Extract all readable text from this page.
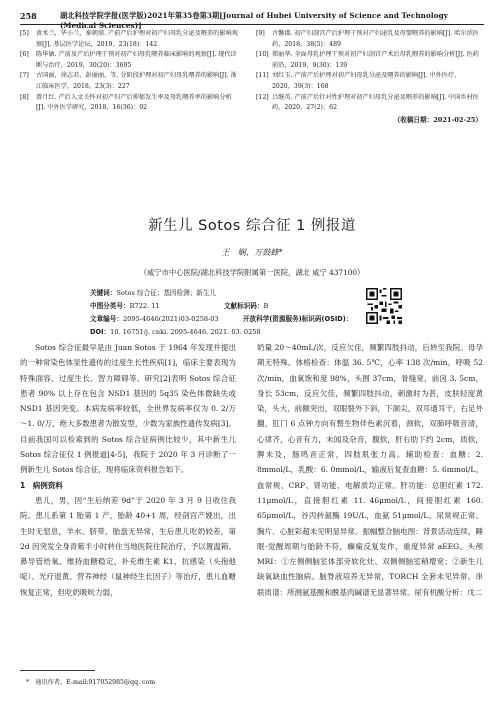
258	湖北科技学院学报(医学版)2021年第35卷第3期[Journal of Hubei University of Science and Technology (Medical Sciences)]
[5] 黄术兰，毕小兰，秦朝鼎. 产前产后护理对初产妇母乳分泌及喂养的影响观察[J]. 基层医学论坛，2019，23(18)：142
[6] 陈华敏. 产前及产后护理干预对初产妇母乳喂养临床影响的观察[J]. 现代诊断与治疗，2019，30(20)：3695
[7] 古国丽，徐志君，彭丽丽，等. 分阶段护理对初产妇母乳喂养的影响[J]. 浙江临床医学，2018，23(3)：227
[8] 曾月红. 产后人文关怀对初产妇产后抑郁发生率及母乳喂养率的影响分析[J]. 中外医学研究，2018，16(36)：92
[9] 古馨郡. 初产妇剖宫产后护理干预对产妇泌乳及母婴喂养的影响[J]. 哈尔滨医药，2018，38(5)：489
[10] 郑丽华. 全面母乳护理干预对初产妇剖宫产术后母乳喂养的影响分析[J]. 医药前沿，2019，9(30)：139
[11] 刘红玉. 产前产后护理对初产妇母乳分泌及喂养的影响[J]. 中外医疗，2020，39(3)：168
[12] 吕继英. 产前产后针对性护理对初产妇母乳分泌及喂养的影响[J]. 中国乡村医药，2020，27(2)：62
（收稿日期：2021-02-25）
新生儿 Sotos 综合征 1 例报道
王　娴，万鼓蜂*
（咸宁市中心医院/湖北科技学院附属第一医院，湖北 咸宁 437100）
关键词：Sotos 综合征；基因检测；新生儿
中图分类号：R722. 11	文献标识码：B
文章编号：2095-4646(2021)03-0258-03	开放科学(资源服务)标识码(OSID)：
DOI：10. 16751/j. cnki. 2095-4646. 2021. 03. 0258

Sotos 综合征最早是由 Juan Sotos 于 1964 年发现并提出的一种常染色体显性遗传的过度生长性疾病[1]，临床主要表现为特殊面容、过度生长、智力障碍等。研究[2]表明 Sotos 综合征患者 90% 以上存在包含 NSD1 基因的 5q35 染色体微缺失或 NSD1 基因突变。本病发病率较低，全世界发病率仅为 0. 2/万～1. 0/万，绝大多数患者为散发型，少数为家族性遗传发病[3]。目前我国可以检索到的 Sotos 综合征病例比较少，其中新生儿 Sotos 综合征仅 1 例报道[4-5]，我院于 2020 年 3 月诊断了一例新生儿 Sotos 综合征，现将临床资料报告如下。

1　病例资料

患儿，男，因“生后纳差 9d”于 2020 年 3 月 9 日收住我院。患儿系第 1 胎第 1 产，胎龄 40+1 周，经剖宫产娩出，出生时无窒息，羊水、脐带、胎盘无异常，生后患儿吃奶较差，第 2d 因突发全身青紫半小时转住当地医院住院治疗，予以置温箱、鼻导管给氧、维持血糖稳定、补充维生素 K1、抗感染（头孢他啶）、光疗退黄、营养神经（鼠神经生长因子）等治疗，患儿血糖恢复正常，但吃奶吸吮力弱，

奶量 20～40mL/次，反应欠佳，频繁四肢抖动，后转至我院。母孕期无特殊。体格检查：体温 36. 5℃，心率 138 次/min，呼吸 52 次/min，血氧饱和度 98%，头围 37cm，骨缝宽，前囟 3. 5cm，身长 53cm，反应欠佳，频繁四肢抖动，刺激时为甚，皮肤轻度黄染，头大、前额突出，双眼裂外下斜，下颌尖，双耳通耳干，右足外翻，肛门 6 点钟方向有赘生物伴色素沉着，颈软，双肺呼吸音清，心律齐，心音有力，未闻及杂音，腹软，肝右肋下约 2cm，质软，脾未及，肠鸣音正常，四肢肌张力高。辅助检查：血糖：2. 8mmol/L，乳酸：6. 0mmol/L，输液后复查血糖：5. 6mmol/L。血常规、CRP、肾功能、电解质均正常。肝功能：总胆红素 172. 11μmol/L，直接胆红素 11. 46μmol/L，间接胆红素 160. 65μmol/L，谷丙转氨酶 19U/L，血氨 51μmol/L。尿常规正常。胸片、心脏彩超未见明显异常。振幅整合脑电图：背景活动连续，睡眠-觉醒周期与胎龄不符，癫痫反复发作，重度异常 aEEG。头颅 MRI：①左侧侧脑室体部旁软化灶、双侧侧脑室稍增宽；②新生儿缺氧缺血性脑病。脑脊液培养无异常，TORCH 全套未见异常。串联质谱：所测氨基酸和酰基肉碱谱无显著异常。尿有机酸分析：戊二

*　通讯作者，E-mail:917052985@qq. com
